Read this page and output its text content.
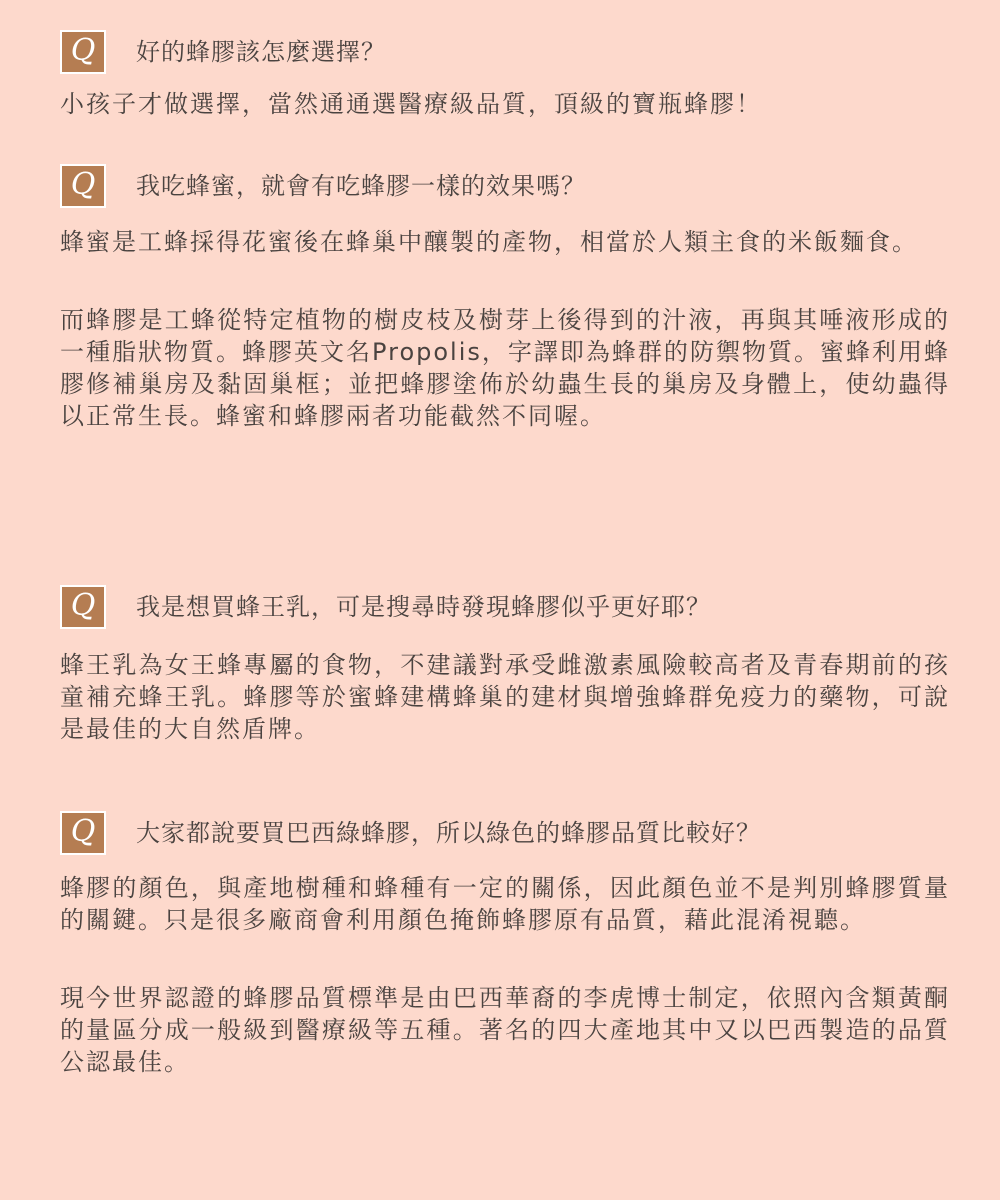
Q 好的蜂膠該怎麼選擇？

小孩子才做選擇，當然通通選醫療級品質，頂級的寶瓶蜂膠！

Q 我吃蜂蜜，就會有吃蜂膠一樣的效果嗎？

蜂蜜是工蜂採得花蜜後在蜂巢中釀製的產物，相當於人類主食的米飯麵食。

而蜂膠是工蜂從特定植物的樹皮枝及樹芽上後得到的汁液，再與其唾液形成的一種脂狀物質。蜂膠英文名Propolis，字譯即為蜂群的防禦物質。蜜蜂利用蜂膠修補巢房及黏固巢框；並把蜂膠塗佈於幼蟲生長的巢房及身體上，使幼蟲得以正常生長。蜂蜜和蜂膠兩者功能截然不同喔。

Q 我是想買蜂王乳，可是搜尋時發現蜂膠似乎更好耶？

蜂王乳為女王蜂專屬的食物，不建議對承受雌激素風險較高者及青春期前的孩童補充蜂王乳。蜂膠等於蜜蜂建構蜂巢的建材與增強蜂群免疫力的藥物，可說是最佳的大自然盾牌。

Q 大家都說要買巴西綠蜂膠，所以綠色的蜂膠品質比較好？

蜂膠的顏色，與產地樹種和蜂種有一定的關係，因此顏色並不是判別蜂膠質量的關鍵。只是很多廠商會利用顏色掩飾蜂膠原有品質，藉此混淆視聽。

現今世界認證的蜂膠品質標準是由巴西華裔的李虎博士制定，依照內含類黃酮的量區分成一般級到醫療級等五種。著名的四大產地其中又以巴西製造的品質公認最佳。
